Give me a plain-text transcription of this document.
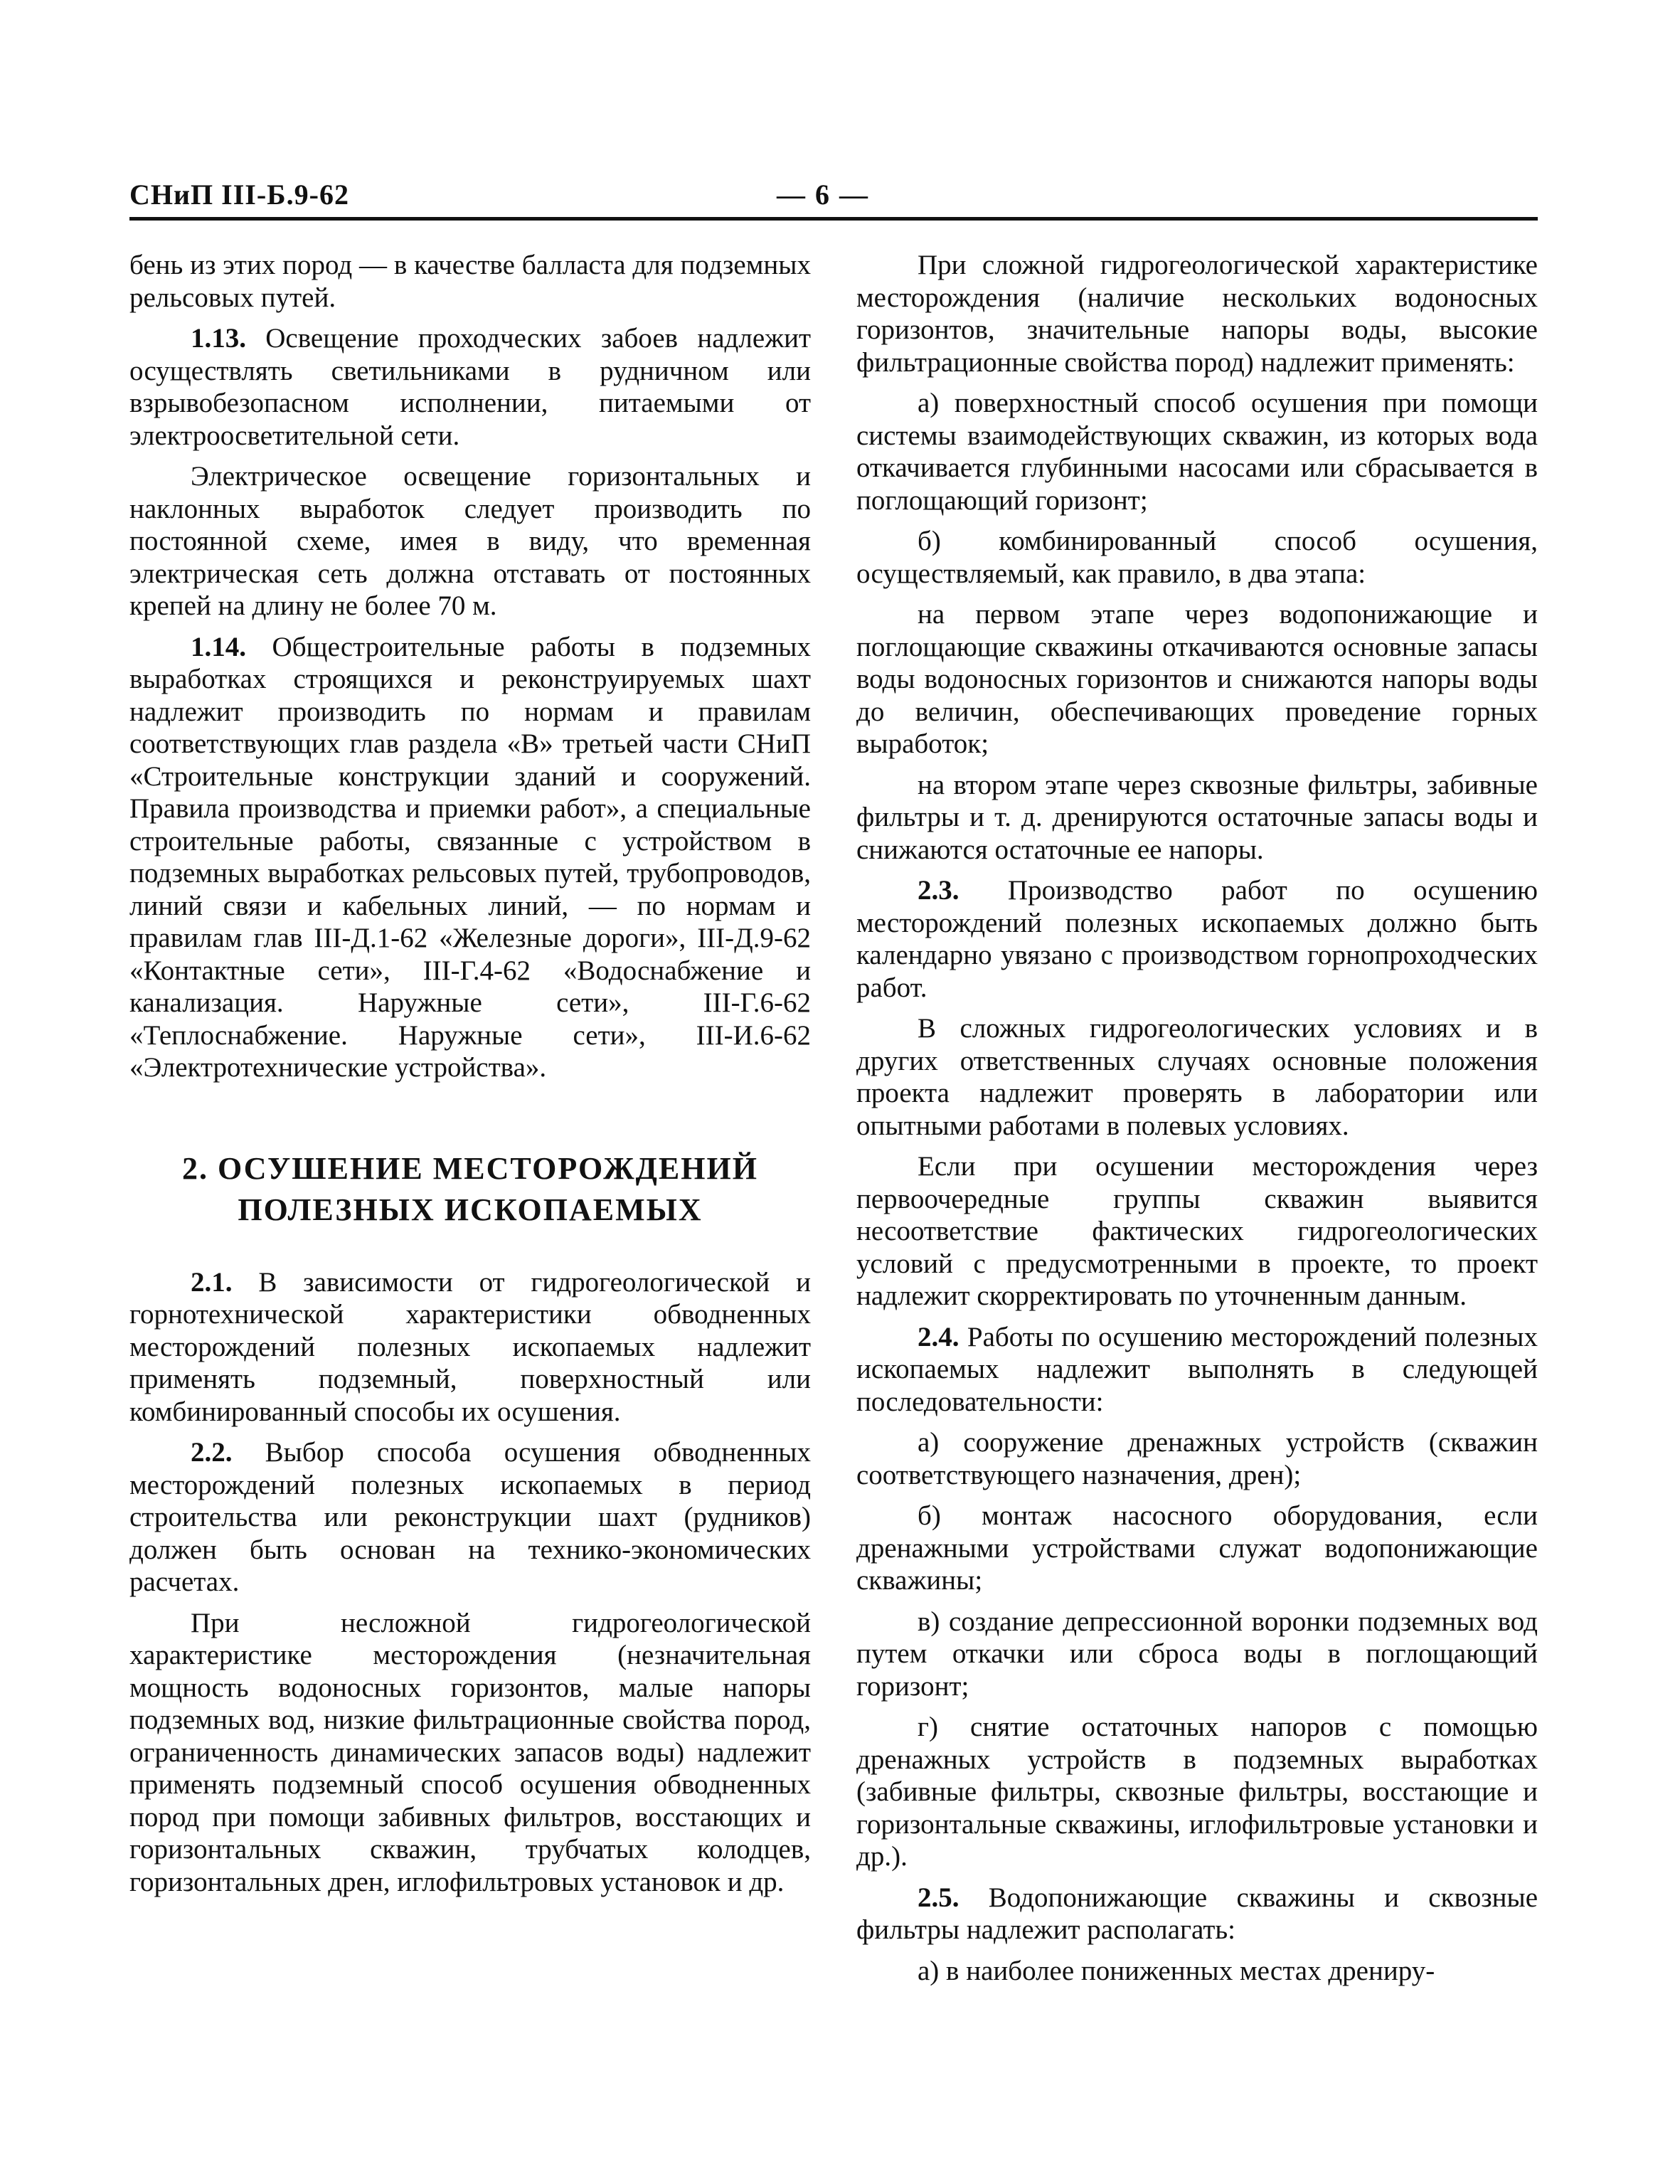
СНиП III-Б.9-62	— 6 —

бень из этих пород — в качестве балласта для подземных рельсовых путей.

1.13. Освещение проходческих забоев надлежит осуществлять светильниками в рудничном или взрывобезопасном исполнении, питаемыми от электроосветительной сети.

Электрическое освещение горизонтальных и наклонных выработок следует производить по постоянной схеме, имея в виду, что временная электрическая сеть должна отставать от постоянных крепей на длину не более 70 м.

1.14. Общестроительные работы в подземных выработках строящихся и реконструируемых шахт надлежит производить по нормам и правилам соответствующих глав раздела «В» третьей части СНиП «Строительные конструкции зданий и сооружений. Правила производства и приемки работ», а специальные строительные работы, связанные с устройством в подземных выработках рельсовых путей, трубопроводов, линий связи и кабельных линий, — по нормам и правилам глав III-Д.1-62 «Железные дороги», III-Д.9-62 «Контактные сети», III-Г.4-62 «Водоснабжение и канализация. Наружные сети», III-Г.6-62 «Теплоснабжение. Наружные сети», III-И.6-62 «Электротехнические устройства».

2. ОСУШЕНИЕ МЕСТОРОЖДЕНИЙ
ПОЛЕЗНЫХ ИСКОПАЕМЫХ

2.1. В зависимости от гидрогеологической и горнотехнической характеристики обводненных месторождений полезных ископаемых надлежит применять подземный, поверхностный или комбинированный способы их осушения.

2.2. Выбор способа осушения обводненных месторождений полезных ископаемых в период строительства или реконструкции шахт (рудников) должен быть основан на технико-экономических расчетах.

При несложной гидрогеологической характеристике месторождения (незначительная мощность водоносных горизонтов, малые напоры подземных вод, низкие фильтрационные свойства пород, ограниченность динамических запасов воды) надлежит применять подземный способ осушения обводненных пород при помощи забивных фильтров, восстающих и горизонтальных скважин, трубчатых колодцев, горизонтальных дрен, иглофильтровых установок и др.

При сложной гидрогеологической характеристике месторождения (наличие нескольких водоносных горизонтов, значительные напоры воды, высокие фильтрационные свойства пород) надлежит применять:

а) поверхностный способ осушения при помощи системы взаимодействующих скважин, из которых вода откачивается глубинными насосами или сбрасывается в поглощающий горизонт;

б) комбинированный способ осушения, осуществляемый, как правило, в два этапа:

на первом этапе через водопонижающие и поглощающие скважины откачиваются основные запасы воды водоносных горизонтов и снижаются напоры воды до величин, обеспечивающих проведение горных выработок;

на втором этапе через сквозные фильтры, забивные фильтры и т. д. дренируются остаточные запасы воды и снижаются остаточные ее напоры.

2.3. Производство работ по осушению месторождений полезных ископаемых должно быть календарно увязано с производством горнопроходческих работ.

В сложных гидрогеологических условиях и в других ответственных случаях основные положения проекта надлежит проверять в лаборатории или опытными работами в полевых условиях.

Если при осушении месторождения через первоочередные группы скважин выявится несоответствие фактических гидрогеологических условий с предусмотренными в проекте, то проект надлежит скорректировать по уточненным данным.

2.4. Работы по осушению месторождений полезных ископаемых надлежит выполнять в следующей последовательности:

а) сооружение дренажных устройств (скважин соответствующего назначения, дрен);

б) монтаж насосного оборудования, если дренажными устройствами служат водопонижающие скважины;

в) создание депрессионной воронки подземных вод путем откачки или сброса воды в поглощающий горизонт;

г) снятие остаточных напоров с помощью дренажных устройств в подземных выработках (забивные фильтры, сквозные фильтры, восстающие и горизонтальные скважины, иглофильтровые установки и др.).

2.5. Водопонижающие скважины и сквозные фильтры надлежит располагать:

а) в наиболее пониженных местах дрениру-
